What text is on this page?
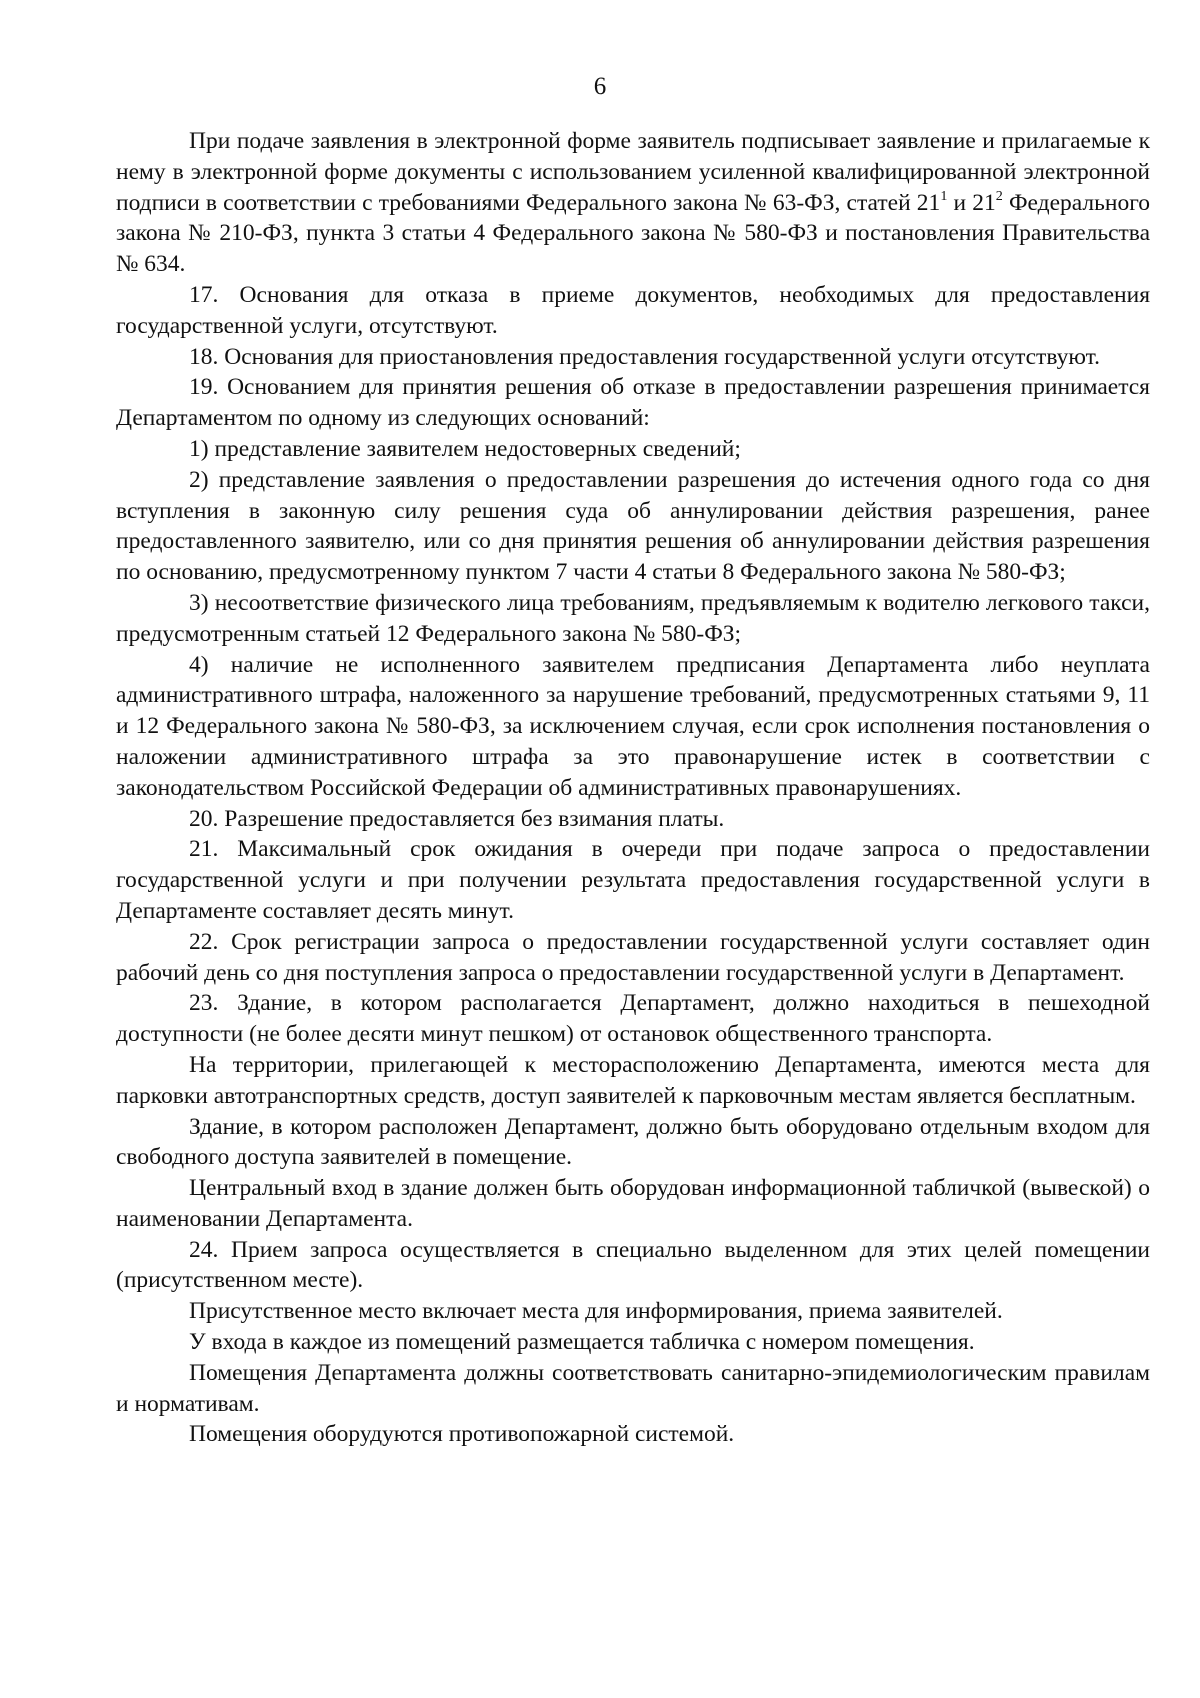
6

При подаче заявления в электронной форме заявитель подписывает заявление и прилагаемые к нему в электронной форме документы с использованием усиленной квалифицированной электронной подписи в соответствии с требованиями Федерального закона № 63-ФЗ, статей $21^1$ и $21^2$ Федерального закона № 210-ФЗ, пункта 3 статьи 4 Федерального закона № 580-ФЗ и постановления Правительства № 634.

17. Основания для отказа в приеме документов, необходимых для предоставления государственной услуги, отсутствуют.

18. Основания для приостановления предоставления государственной услуги отсутствуют.

19. Основанием для принятия решения об отказе в предоставлении разрешения принимается Департаментом по одному из следующих оснований:

1) представление заявителем недостоверных сведений;

2) представление заявления о предоставлении разрешения до истечения одного года со дня вступления в законную силу решения суда об аннулировании действия разрешения, ранее предоставленного заявителю, или со дня принятия решения об аннулировании действия разрешения по основанию, предусмотренному пунктом 7 части 4 статьи 8 Федерального закона № 580-ФЗ;

3) несоответствие физического лица требованиям, предъявляемым к водителю легкового такси, предусмотренным статьей 12 Федерального закона № 580-ФЗ;

4) наличие не исполненного заявителем предписания Департамента либо неуплата административного штрафа, наложенного за нарушение требований, предусмотренных статьями 9, 11 и 12 Федерального закона № 580-ФЗ, за исключением случая, если срок исполнения постановления о наложении административного штрафа за это правонарушение истек в соответствии с законодательством Российской Федерации об административных правонарушениях.

20. Разрешение предоставляется без взимания платы.

21. Максимальный срок ожидания в очереди при подаче запроса о предоставлении государственной услуги и при получении результата предоставления государственной услуги в Департаменте составляет десять минут.

22. Срок регистрации запроса о предоставлении государственной услуги составляет один рабочий день со дня поступления запроса о предоставлении государственной услуги в Департамент.

23. Здание, в котором располагается Департамент, должно находиться в пешеходной доступности (не более десяти минут пешком) от остановок общественного транспорта.

На территории, прилегающей к месторасположению Департамента, имеются места для парковки автотранспортных средств, доступ заявителей к парковочным местам является бесплатным.

Здание, в котором расположен Департамент, должно быть оборудовано отдельным входом для свободного доступа заявителей в помещение.

Центральный вход в здание должен быть оборудован информационной табличкой (вывеской) о наименовании Департамента.

24. Прием запроса осуществляется в специально выделенном для этих целей помещении (присутственном месте).

Присутственное место включает места для информирования, приема заявителей.

У входа в каждое из помещений размещается табличка с номером помещения.

Помещения Департамента должны соответствовать санитарно-эпидемиологическим правилам и нормативам.

Помещения оборудуются противопожарной системой.
